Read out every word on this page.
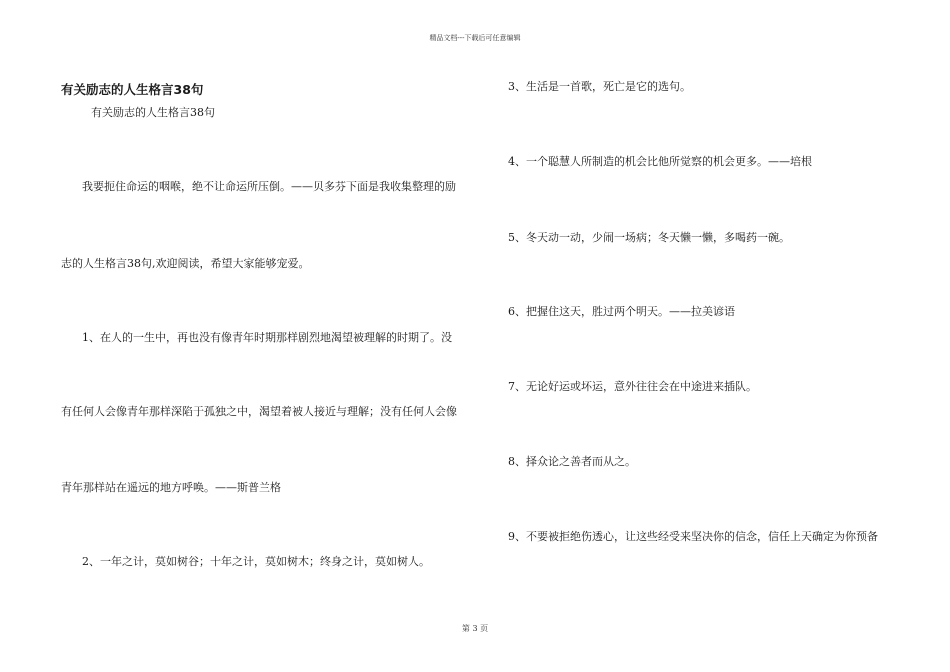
精品文档---下载后可任意编辑
有关励志的人生格言38句
有关励志的人生格言38句
我要扼住命运的咽喉，绝不让命运所压倒。——贝多芬下面是我收集整理的励
志的人生格言38句,欢迎阅读，希望大家能够宠爱。
1、在人的一生中，再也没有像青年时期那样剧烈地渴望被理解的时期了。没
有任何人会像青年那样深陷于孤独之中，渴望着被人接近与理解；没有任何人会像
青年那样站在遥远的地方呼唤。——斯普兰格
2、一年之计，莫如树谷；十年之计，莫如树木；终身之计，莫如树人。
3、生活是一首歌，死亡是它的选句。
4、一个聪慧人所制造的机会比他所觉察的机会更多。——培根
5、冬天动一动，少闹一场病；冬天懒一懒，多喝药一碗。
6、把握住这天，胜过两个明天。——拉美谚语
7、无论好运或坏运，意外往往会在中途进来插队。
8、择众论之善者而从之。
9、不要被拒绝伤透心，让这些经受来坚决你的信念，信任上天确定为你预备
第 3 页
